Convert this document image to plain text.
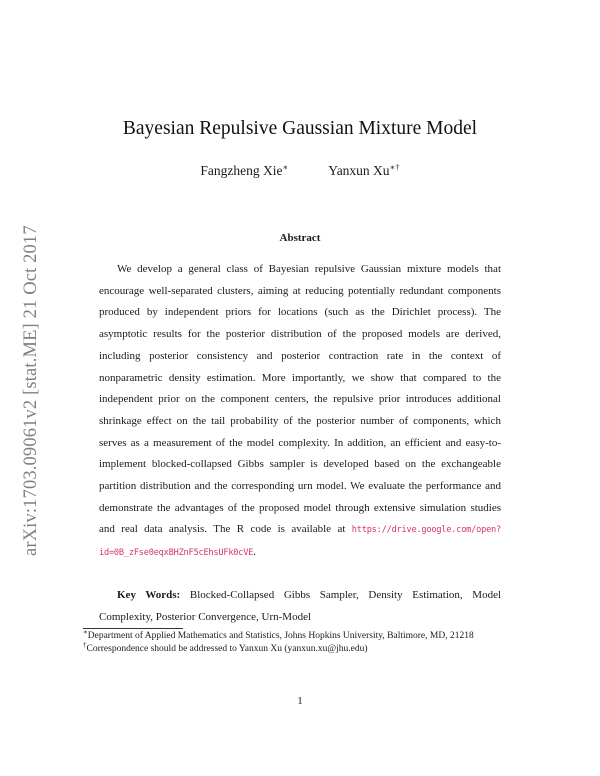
arXiv:1703.09061v2 [stat.ME] 21 Oct 2017
Bayesian Repulsive Gaussian Mixture Model
Fangzheng Xie∗	Yanxun Xu∗†
Abstract
We develop a general class of Bayesian repulsive Gaussian mixture models that encourage well-separated clusters, aiming at reducing potentially redundant components produced by independent priors for locations (such as the Dirichlet process). The asymptotic results for the posterior distribution of the proposed models are derived, including posterior consistency and posterior contraction rate in the context of nonparametric density estimation. More importantly, we show that compared to the independent prior on the component centers, the repulsive prior introduces additional shrinkage effect on the tail probability of the posterior number of components, which serves as a measurement of the model complexity. In addition, an efficient and easy-to-implement blocked-collapsed Gibbs sampler is developed based on the exchangeable partition distribution and the corresponding urn model. We evaluate the performance and demonstrate the advantages of the proposed model through extensive simulation studies and real data analysis. The R code is available at https://drive.google.com/open?id=0B_zFse0eqxBHZnF5cEhsUFk0cVE.
Key Words: Blocked-Collapsed Gibbs Sampler, Density Estimation, Model Complexity, Posterior Convergence, Urn-Model
∗Department of Applied Mathematics and Statistics, Johns Hopkins University, Baltimore, MD, 21218
†Correspondence should be addressed to Yanxun Xu (yanxun.xu@jhu.edu)
1
